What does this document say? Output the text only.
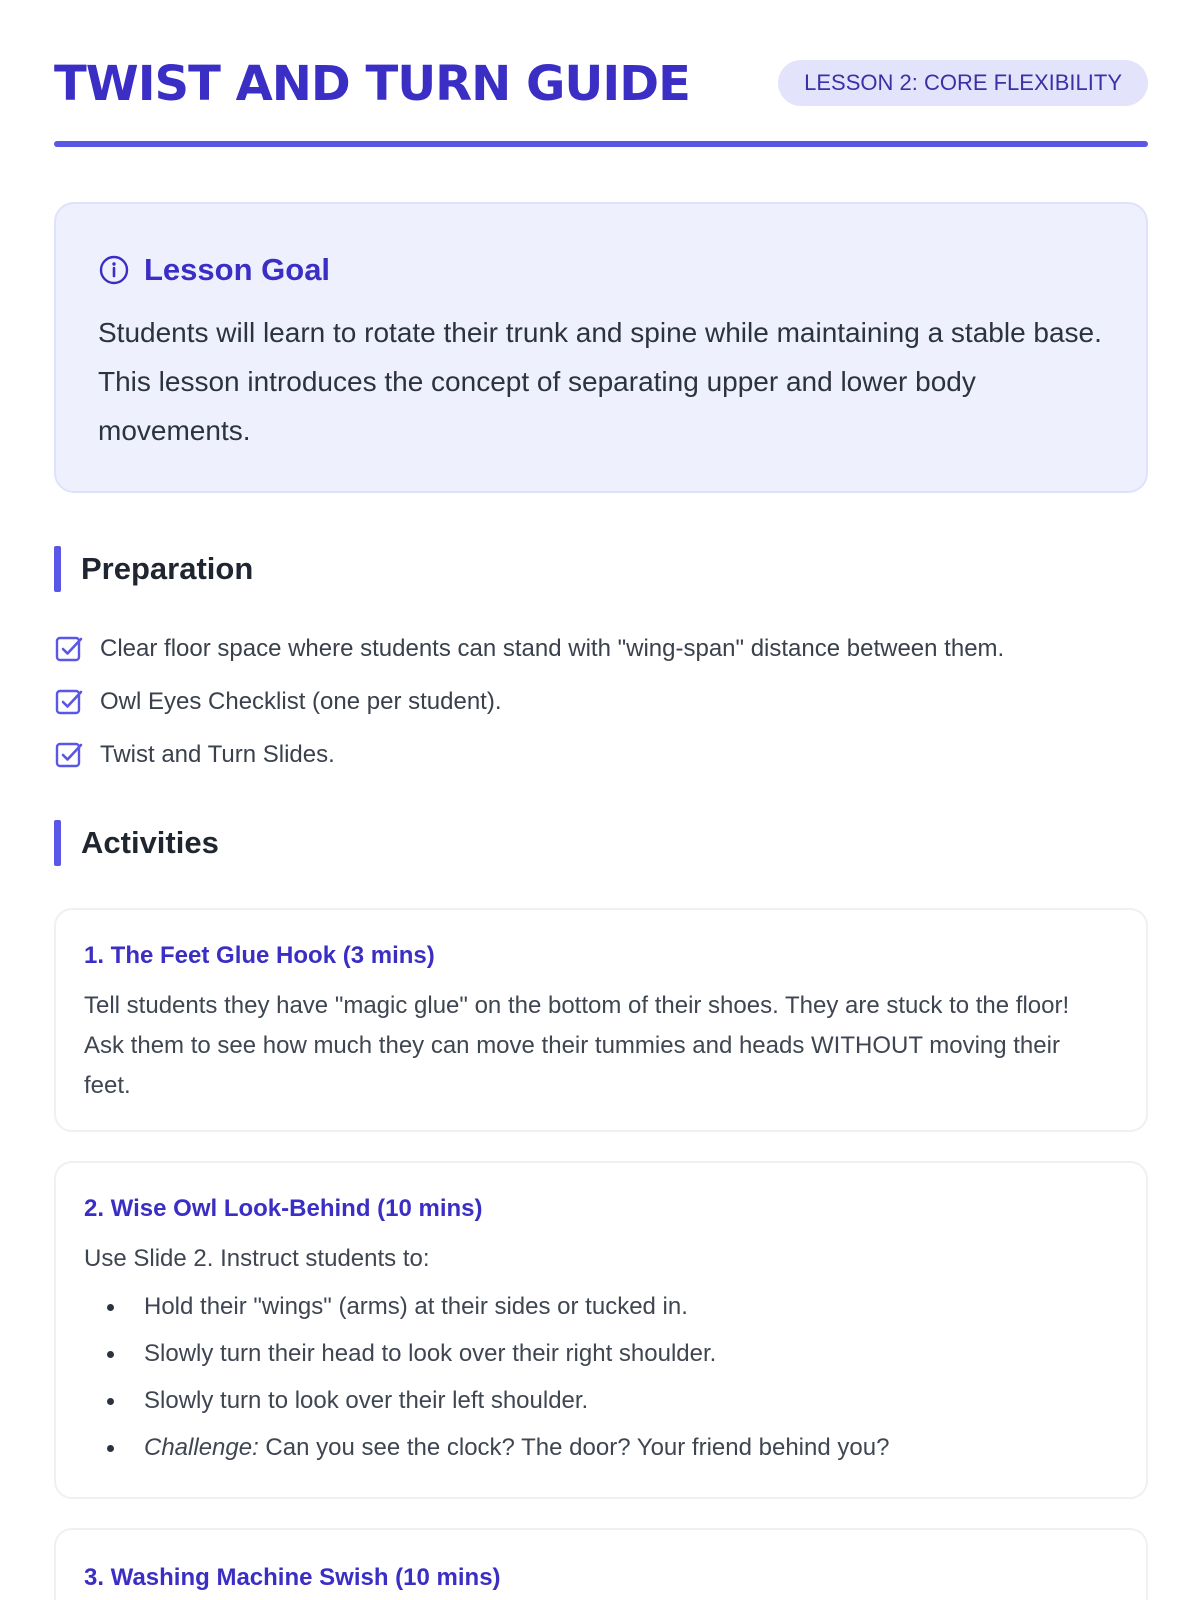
TWIST AND TURN GUIDE	LESSON 2: CORE FLEXIBILITY
Lesson Goal

Students will learn to rotate their trunk and spine while maintaining a stable base. This lesson introduces the concept of separating upper and lower body movements.

Preparation
Clear floor space where students can stand with "wing-span" distance between them.
Owl Eyes Checklist (one per student).
Twist and Turn Slides.
Activities
1. The Feet Glue Hook (3 mins)

Tell students they have "magic glue" on the bottom of their shoes. They are stuck to the floor! Ask them to see how much they can move their tummies and heads WITHOUT moving their feet.

2. Wise Owl Look-Behind (10 mins)

Use Slide 2. Instruct students to:

Hold their "wings" (arms) at their sides or tucked in.
Slowly turn their head to look over their right shoulder.
Slowly turn to look over their left shoulder.
Challenge: Can you see the clock? The door? Your friend behind you?
3. Washing Machine Swish (10 mins)
